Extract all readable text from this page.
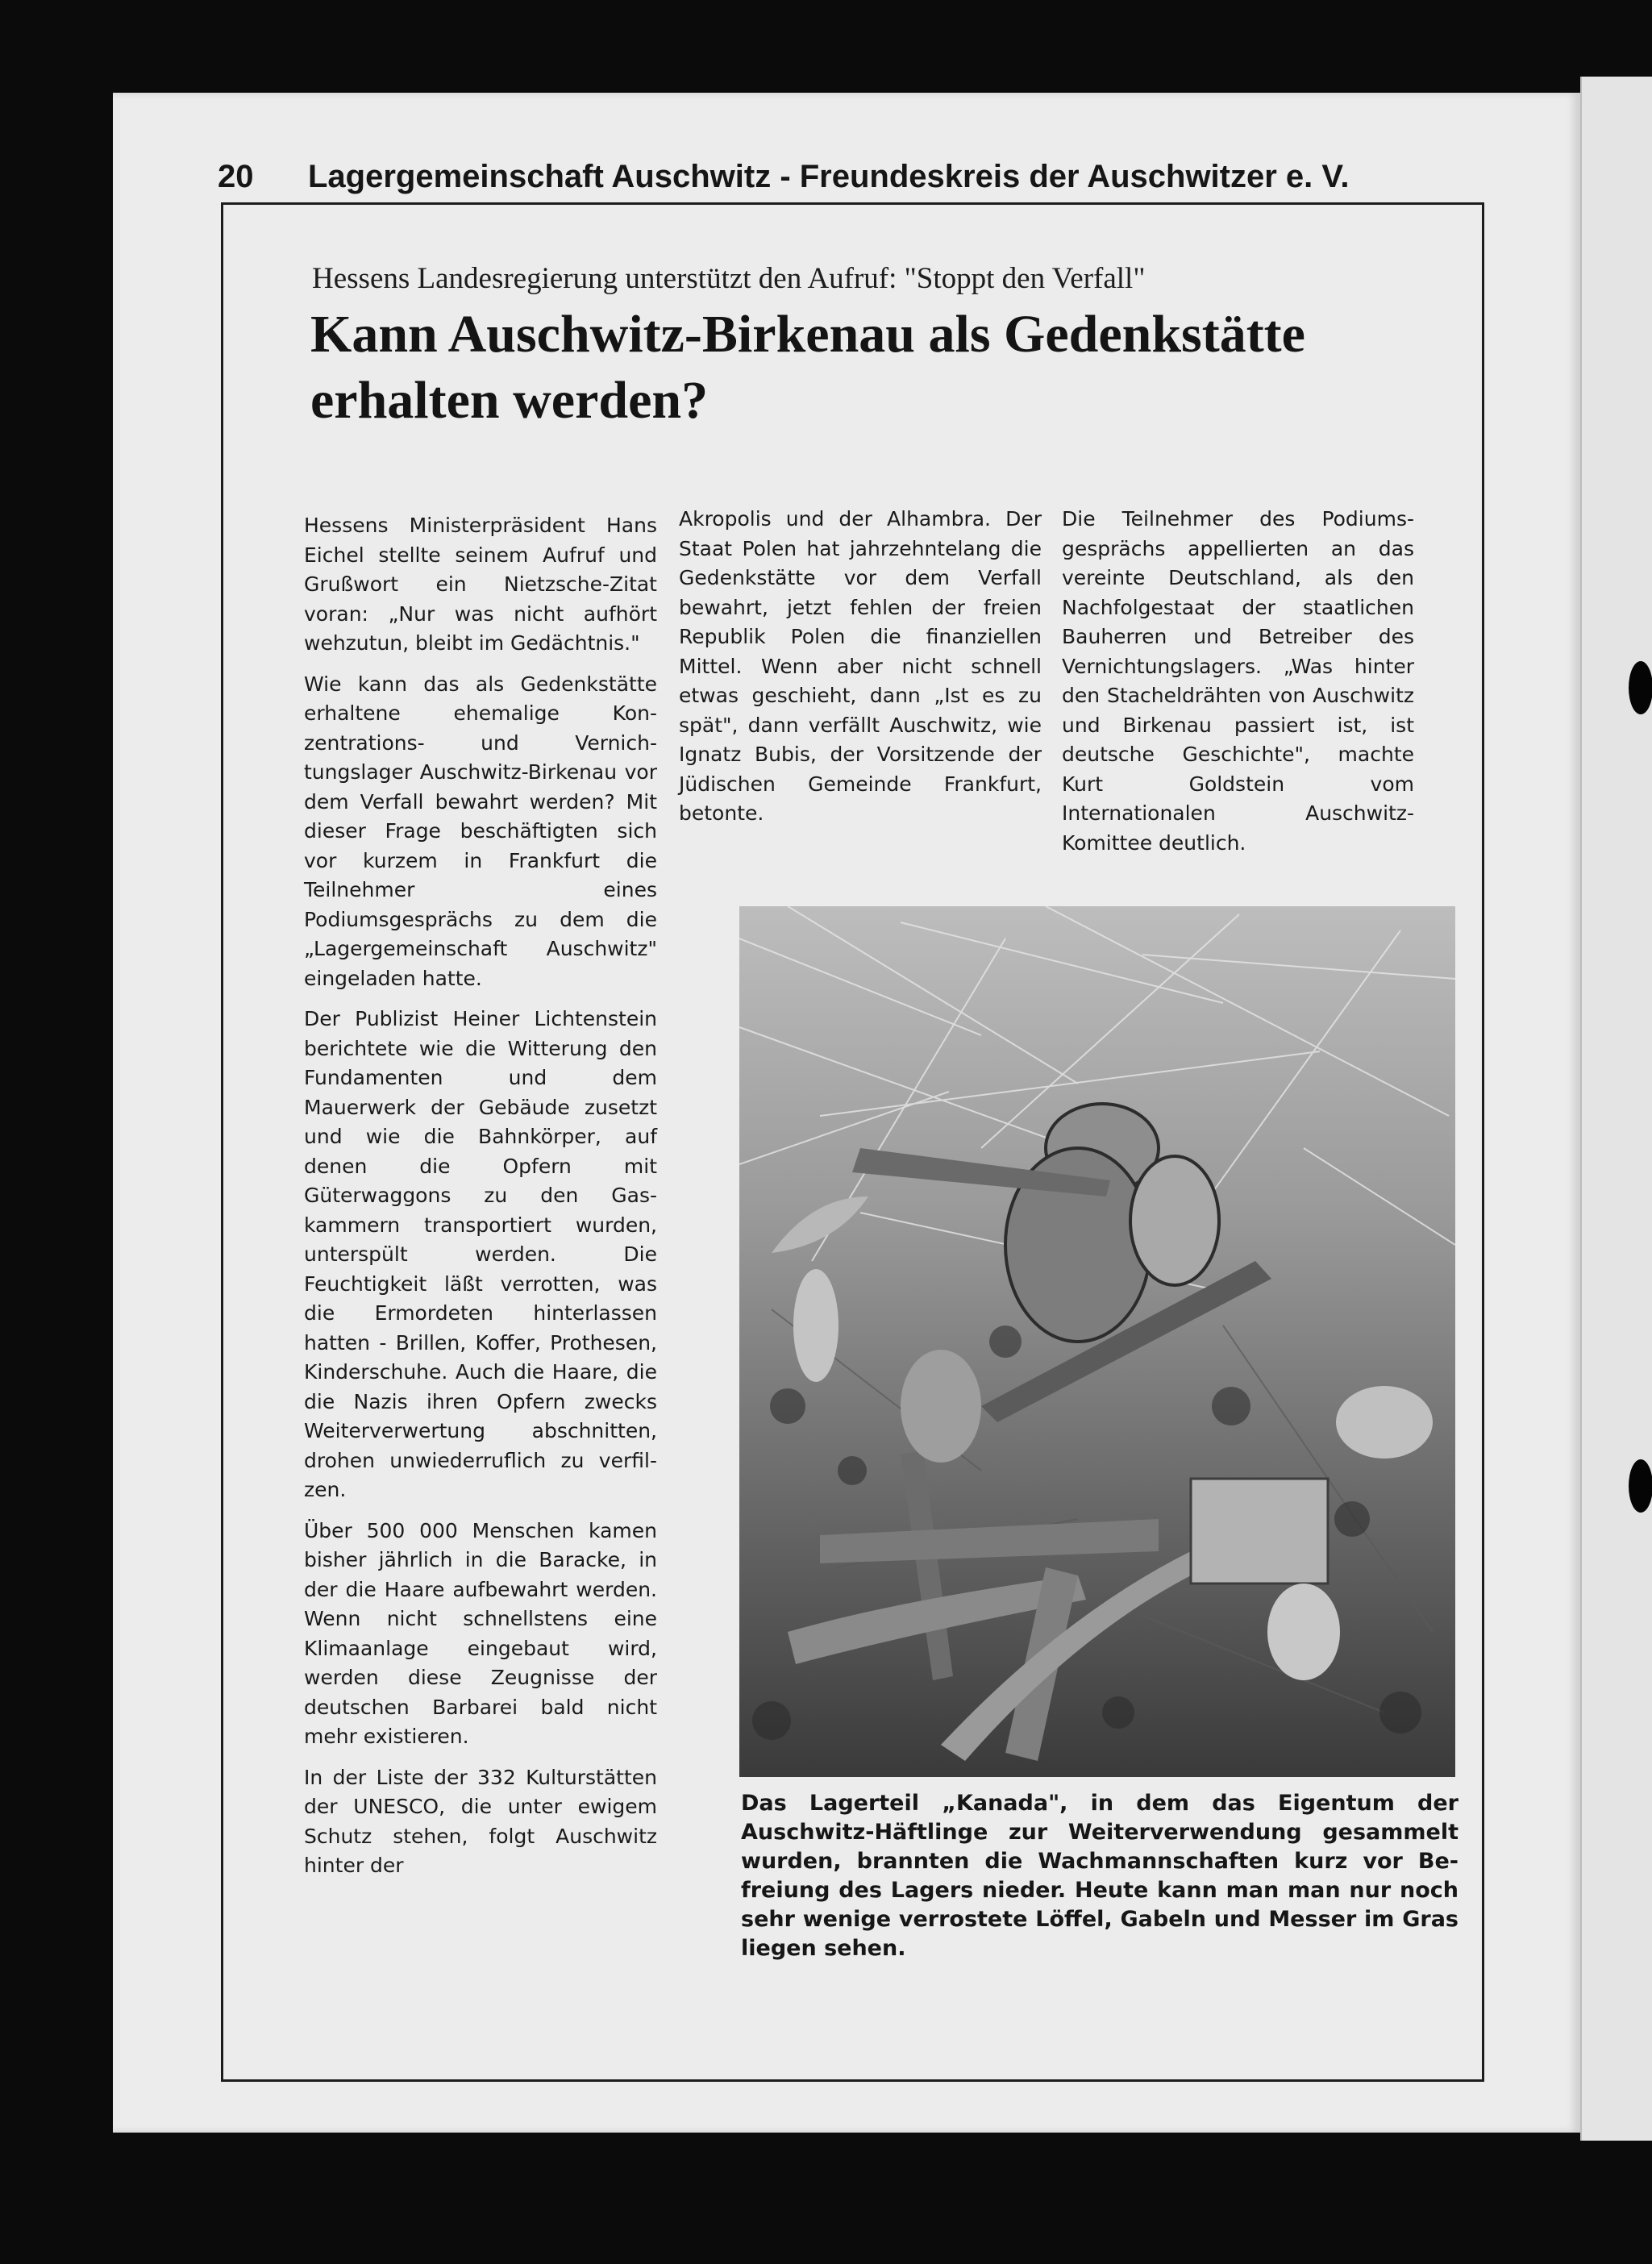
20 Lagergemeinschaft Auschwitz - Freundeskreis der Auschwitzer e. V.
Hessens Landesregierung unterstützt den Aufruf: "Stoppt den Verfall"
Kann Auschwitz-Birkenau als Gedenkstätte erhalten werden?

Hessens Ministerpräsident Hans Eichel stellte seinem Aufruf und Grußwort ein Nietzsche-Zitat voran: „Nur was nicht aufhört wehzutun, bleibt im Gedächtnis."

Wie kann das als Gedenkstätte erhaltene ehemalige Konzentrations- und Vernichtungslager Auschwitz-Birkenau vor dem Verfall bewahrt werden? Mit dieser Frage beschäftigten sich vor kurzem in Frankfurt die Teilnehmer eines Podiumsgesprächs zu dem die „Lagergemeinschaft Auschwitz" eingeladen hatte.

Der Publizist Heiner Lichtenstein berichtete wie die Witterung den Fundamenten und dem Mauerwerk der Gebäude zusetzt und wie die Bahnkörper, auf denen die Opfern mit Güterwaggons zu den Gaskammern transportiert wurden, unterspült werden. Die Feuchtigkeit läßt verrotten, was die Ermordeten hinterlassen hatten - Brillen, Koffer, Prothesen, Kinderschuhe. Auch die Haare, die die Nazis ihren Opfern zwecks Weiterverwertung abschnitten, drohen unwiederruflich zu verfilzen.

Über 500 000 Menschen kamen bisher jährlich in die Baracke, in der die Haare aufbewahrt werden. Wenn nicht schnellstens eine Klimaanlage eingebaut wird, werden diese Zeugnisse der deutschen Barbarei bald nicht mehr existieren.

In der Liste der 332 Kulturstätten der UNESCO, die unter ewigem Schutz stehen, folgt Auschwitz hinter der

Akropolis und der Alhambra. Der Staat Polen hat jahrzehntelang die Gedenkstätte vor dem Verfall bewahrt, jetzt fehlen der freien Republik Polen die finanziellen Mittel. Wenn aber nicht schnell etwas geschieht, dann „Ist es zu spät", dann verfällt Auschwitz, wie Ignatz Bubis, der Vorsitzende der Jüdischen Gemeinde Frankfurt, betonte.

Die Teilnehmer des Podiumsgesprächs appellierten an das vereinte Deutschland, als den Nachfolgestaat der staatlichen Bauherren und Betreiber des Vernichtungslagers. „Was hinter den Stacheldrähten von Auschwitz und Birkenau passiert ist, ist deutsche Geschichte", machte Kurt Goldstein vom Internationalen Auschwitz-Komittee deutlich.

Das Lagerteil „Kanada", in dem das Eigentum der Auschwitz-Häftlinge zur Weiterverwendung gesammelt wurden, brannten die Wachmannschaften kurz vor Befreiung des Lagers nieder. Heute kann man man nur noch sehr wenige verrostete Löffel, Gabeln und Messer im Gras liegen sehen.
